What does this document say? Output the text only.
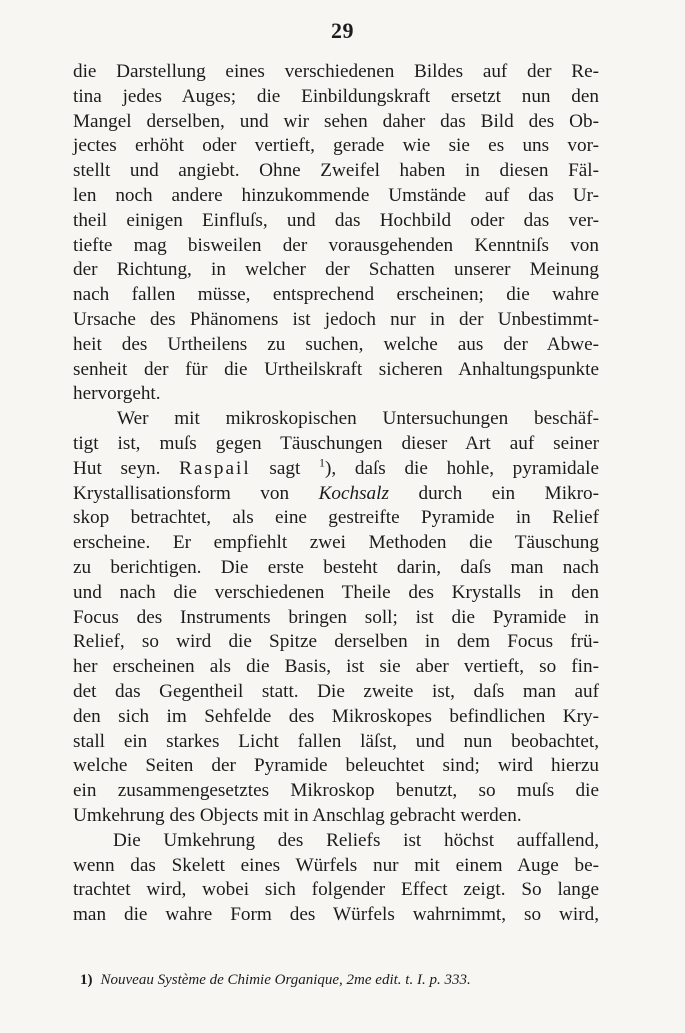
29
die Darstellung eines verschiedenen Bildes auf der Re-
tina jedes Auges; die Einbildungskraft ersetzt nun den
Mangel derselben, und wir sehen daher das Bild des Ob-
jectes erhöht oder vertieft, gerade wie sie es uns vor-
stellt und angiebt. Ohne Zweifel haben in diesen Fäl-
len noch andere hinzukommende Umstände auf das Ur-
theil einigen Einfluſs, und das Hochbild oder das ver-
tiefte mag bisweilen der vorausgehenden Kenntniſs von
der Richtung, in welcher der Schatten unserer Meinung
nach fallen müsse, entsprechend erscheinen; die wahre
Ursache des Phänomens ist jedoch nur in der Unbestimmt-
heit des Urtheilens zu suchen, welche aus der Abwe-
senheit der für die Urtheilskraft sicheren Anhaltungspunkte
hervorgeht.
Wer mit mikroskopischen Untersuchungen beschäf-
tigt ist, muſs gegen Täuschungen dieser Art auf seiner
Hut seyn. Raspail sagt $^1$), daſs die hohle, pyramidale
Krystallisationsform von Kochsalz durch ein Mikro-
skop betrachtet, als eine gestreifte Pyramide in Relief
erscheine. Er empfiehlt zwei Methoden die Täuschung
zu berichtigen. Die erste besteht darin, daſs man nach
und nach die verschiedenen Theile des Krystalls in den
Focus des Instruments bringen soll; ist die Pyramide in
Relief, so wird die Spitze derselben in dem Focus frü-
her erscheinen als die Basis, ist sie aber vertieft, so fin-
det das Gegentheil statt. Die zweite ist, daſs man auf
den sich im Sehfelde des Mikroskopes befindlichen Kry-
stall ein starkes Licht fallen läſst, und nun beobachtet,
welche Seiten der Pyramide beleuchtet sind; wird hierzu
ein zusammengesetztes Mikroskop benutzt, so muſs die
Umkehrung des Objects mit in Anschlag gebracht werden.
Die Umkehrung des Reliefs ist höchst auffallend,
wenn das Skelett eines Würfels nur mit einem Auge be-
trachtet wird, wobei sich folgender Effect zeigt. So lange
man die wahre Form des Würfels wahrnimmt, so wird,
1) Nouveau Système de Chimie Organique, 2me edit. t. I. p. 333.
